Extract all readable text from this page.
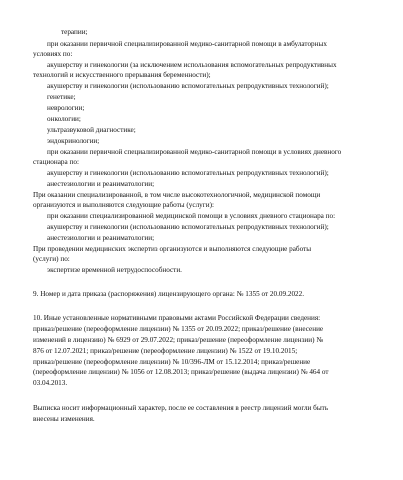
терапии;

при оказании первичной специализированной медико-санитарной помощи в амбулаторных

условиях по:

акушерству и гинекологии (за исключением использования вспомогательных репродуктивных

технологий и искусственного прерывания беременности);

акушерству и гинекологии (использованию вспомогательных репродуктивных технологий);

генетике;

неврологии;

онкологии;

ультразвуковой диагностике;

эндокринологии;

при оказании первичной специализированной медико-санитарной помощи в условиях дневного

стационара по:

акушерству и гинекологии (использованию вспомогательных репродуктивных технологий);

анестезиологии и реаниматологии;

При оказании специализированной, в том числе высокотехнологичной, медицинской помощи

организуются и выполняются следующие работы (услуги):

при оказании специализированной медицинской помощи в условиях дневного стационара по:

акушерству и гинекологии (использованию вспомогательных репродуктивных технологий);

анестезиологии и реаниматологии;

При проведении медицинских экспертиз организуются и выполняются следующие работы

(услуги) по:

экспертизе временной нетрудоспособности.

9. Номер и дата приказа (распоряжения) лицензирующего органа: № 1355 от 20.09.2022.

10. Иные установленные нормативными правовыми актами Российской Федерации сведения:

приказ/решение (переоформление лицензии) № 1355 от 20.09.2022; приказ/решение (внесение

изменений в лицензию) № 6929 от 29.07.2022; приказ/решение (переоформление лицензии) №

876 от 12.07.2021; приказ/решение (переоформление лицензии) № 1522 от 19.10.2015;

приказ/решение (переоформление лицензии) № 10/396-ЛМ от 15.12.2014; приказ/решение

(переоформление лицензии) № 1056 от 12.08.2013; приказ/решение (выдача лицензии) № 464 от

03.04.2013.

Выписка носит информационный характер, после ее составления в реестр лицензий могли быть

внесены изменения.
